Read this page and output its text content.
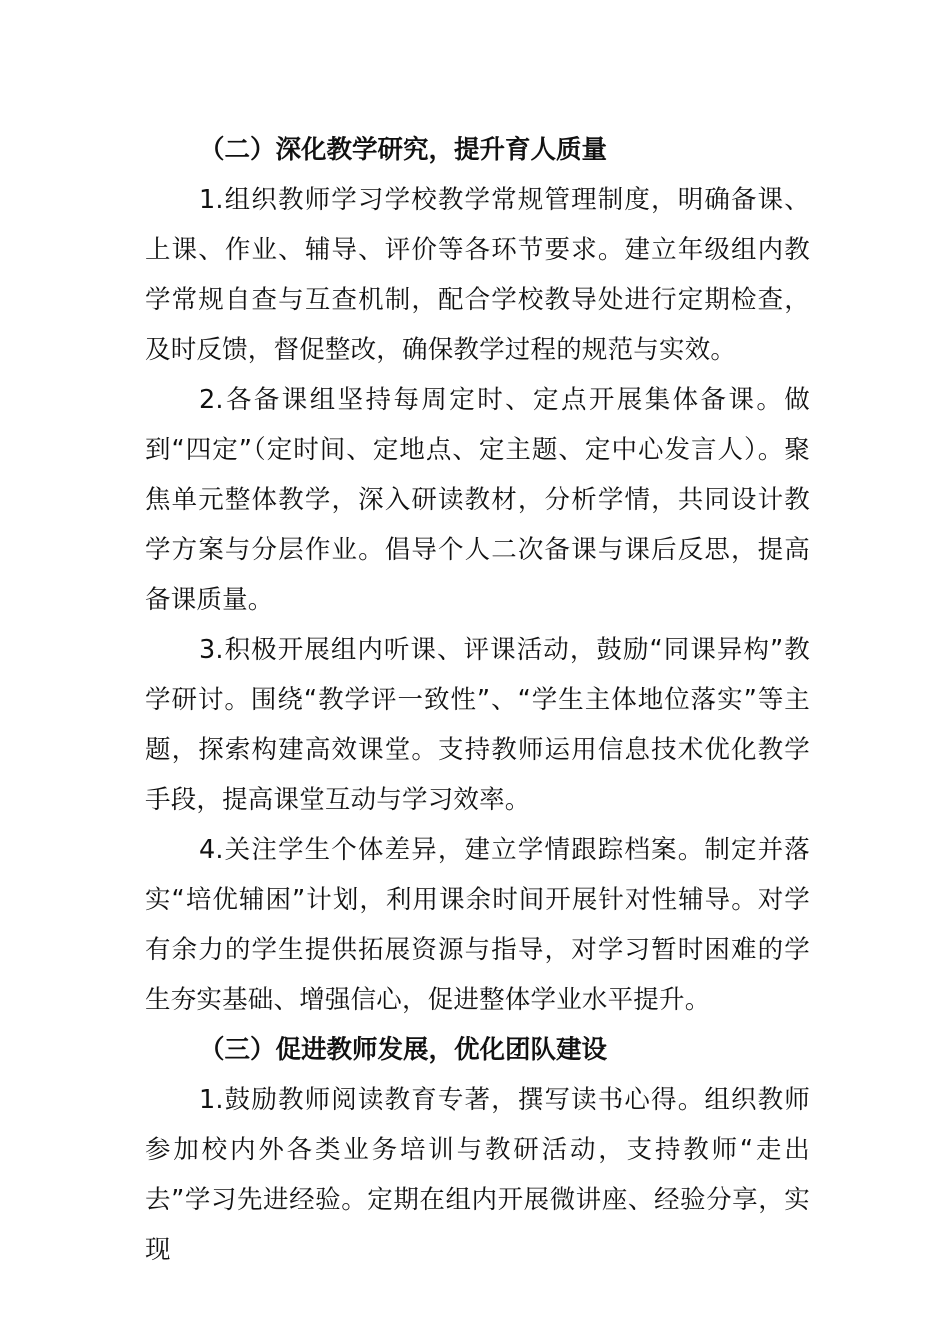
（二）深化教学研究，提升育人质量

1.组织教师学习学校教学常规管理制度，明确备课、上课、作业、辅导、评价等各环节要求。建立年级组内教学常规自查与互查机制，配合学校教导处进行定期检查，及时反馈，督促整改，确保教学过程的规范与实效。

2.各备课组坚持每周定时、定点开展集体备课。做到“四定”（定时间、定地点、定主题、定中心发言人）。聚焦单元整体教学，深入研读教材，分析学情，共同设计教学方案与分层作业。倡导个人二次备课与课后反思，提高备课质量。

3.积极开展组内听课、评课活动，鼓励“同课异构”教学研讨。围绕“教学评一致性”、“学生主体地位落实”等主题，探索构建高效课堂。支持教师运用信息技术优化教学手段，提高课堂互动与学习效率。

4.关注学生个体差异，建立学情跟踪档案。制定并落实“培优辅困”计划，利用课余时间开展针对性辅导。对学有余力的学生提供拓展资源与指导，对学习暂时困难的学生夯实基础、增强信心，促进整体学业水平提升。

（三）促进教师发展，优化团队建设

1.鼓励教师阅读教育专著，撰写读书心得。组织教师参加校内外各类业务培训与教研活动，支持教师“走出去”学习先进经验。定期在组内开展微讲座、经验分享，实现
